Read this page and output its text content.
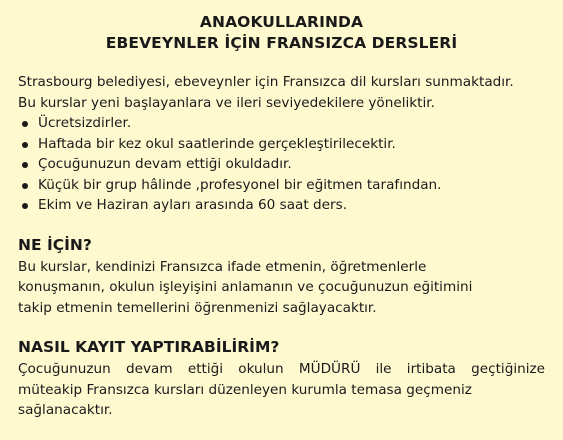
ANAOKULLARINDA
EBEVEYNLER İÇİN FRANSIZCA DERSLERİ

Strasbourg belediyesi, ebeveynler için Fransızca dil kursları sunmaktadır.

Bu kurslar yeni başlayanlara ve ileri seviyedekilere yöneliktir.

Ücretsizdirler.
Haftada bir kez okul saatlerinde gerçekleştirilecektir.
Çocuğunuzun devam ettiği okuldadır.
Küçük bir grup hâlinde ,profesyonel bir eğitmen tarafından.
Ekim ve Haziran ayları arasında 60 saat ders.
NE İÇİN?
Bu kurslar, kendinizi Fransızca ifade etmenin, öğretmenlerle
konuşmanın, okulun işleyişini anlamanın ve çocuğunuzun eğitimini
takip etmenin temellerini öğrenmenizi sağlayacaktır.
NASIL KAYIT YAPTIRABİLİRİM?
Çocuğunuzun devam ettiği okulun MÜDÜRÜ ile irtibata geçtiğinize
müteakip Fransızca kursları düzenleyen kurumla temasa geçmeniz
sağlanacaktır.
